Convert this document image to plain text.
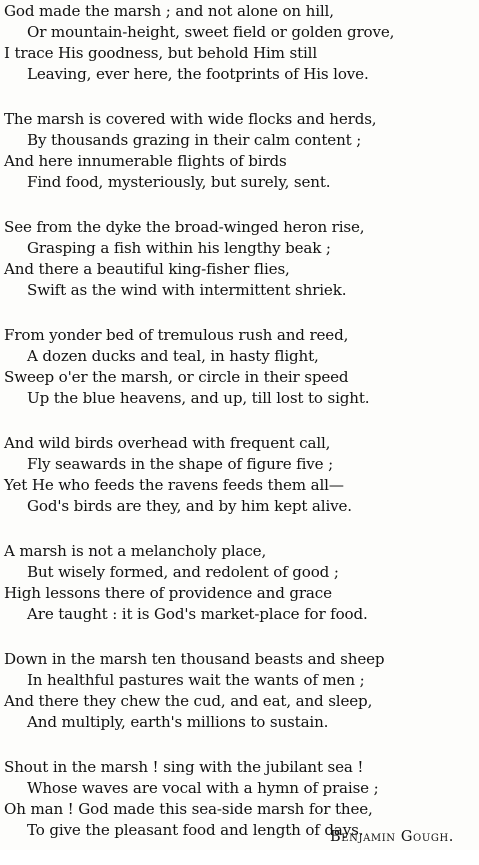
God made the marsh ; and not alone on hill,
Or mountain-height, sweet field or golden grove,
I trace His goodness, but behold Him still
Leaving, ever here, the footprints of His love.
The marsh is covered with wide flocks and herds,
By thousands grazing in their calm content ;
And here innumerable flights of birds
Find food, mysteriously, but surely, sent.
See from the dyke the broad-winged heron rise,
Grasping a fish within his lengthy beak ;
And there a beautiful king-fisher flies,
Swift as the wind with intermittent shriek.
From yonder bed of tremulous rush and reed,
A dozen ducks and teal, in hasty flight,
Sweep o'er the marsh, or circle in their speed
Up the blue heavens, and up, till lost to sight.
And wild birds overhead with frequent call,
Fly seawards in the shape of figure five ;
Yet He who feeds the ravens feeds them all—
God's birds are they, and by him kept alive.
A marsh is not a melancholy place,
But wisely formed, and redolent of good ;
High lessons there of providence and grace
Are taught : it is God's market-place for food.
Down in the marsh ten thousand beasts and sheep
In healthful pastures wait the wants of men ;
And there they chew the cud, and eat, and sleep,
And multiply, earth's millions to sustain.
Shout in the marsh ! sing with the jubilant sea !
Whose waves are vocal with a hymn of praise ;
Oh man ! God made this sea-side marsh for thee,
To give the pleasant food and length of days.
Benjamin Gough.
